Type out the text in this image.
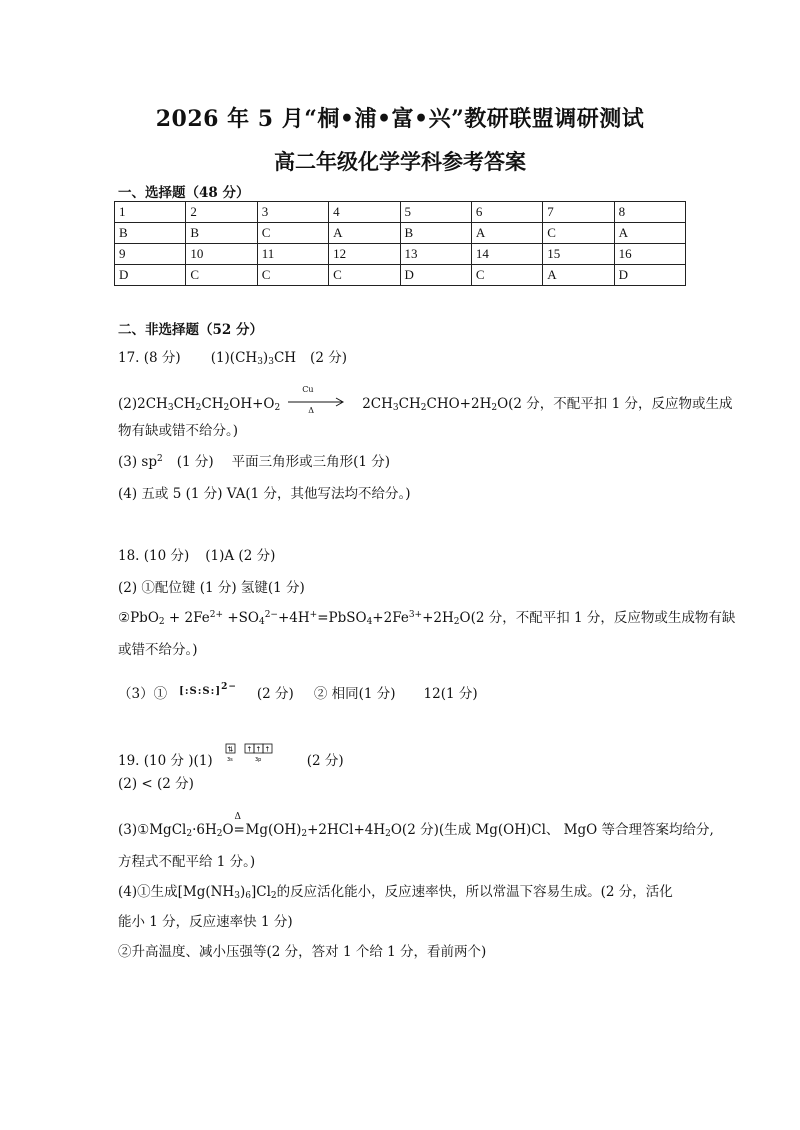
2026 年 5 月“桐•浦•富•兴”教研联盟调研测试
高二年级化学学科参考答案
一、选择题（48 分）
1	2	3	4	5	6	7	8
B	B	C	A	B	A	C	A
9	10	11	12	13	14	15	16
D	C	C	C	D	C	A	D
二、非选择题（52 分）
17. (8 分) $(1)(CH_3)_3CH$ (2 分)
$(2)2CH_3CH_2CH_2OH+O_2$
Cu
Δ	$2CH_3CH_2CHO+2H_2O(2$ 分，不配平扣 1 分，反应物或生成
物有缺或错不给分。)
(3) $sp^2$ (1 分) 平面三角形或三角形(1 分)
(4) 五或 5 (1 分) VA(1 分，其他写法均不给分。)
18. (10 分) (1)A (2 分)
(2) ①配位键 (1 分) 氢键(1 分)
②PbO$_2$ + $2Fe^{2+}$ $+SO_4^{2-}+4H^+=PbSO_4+2Fe^{3+}+2H_2O(2$ 分，不配平扣 1 分，反应物或生成物有缺
或错不给分。)
（3）① [:S:S:]$^{2-}$ (2 分) ② 相同(1 分) 12(1 分)
19. (10 分 )(1)
⇅ ↑ ↑ ↑
3s	3p	(2 分)
(2) < (2 分)
$(3)①MgCl_2\cdot 6H_2O$
Δ
$=Mg(OH)_2+2HCl+4H_2O(2$ 分)(生成 Mg(OH)Cl、 MgO 等合理答案均给分,
方程式不配平给 1 分。)
(4)①生成$[Mg(NH_3)_6]Cl_2$的反应活化能小，反应速率快，所以常温下容易生成。(2 分，活化
能小 1 分，反应速率快 1 分)
②升高温度、减小压强等(2 分，答对 1 个给 1 分，看前两个)
